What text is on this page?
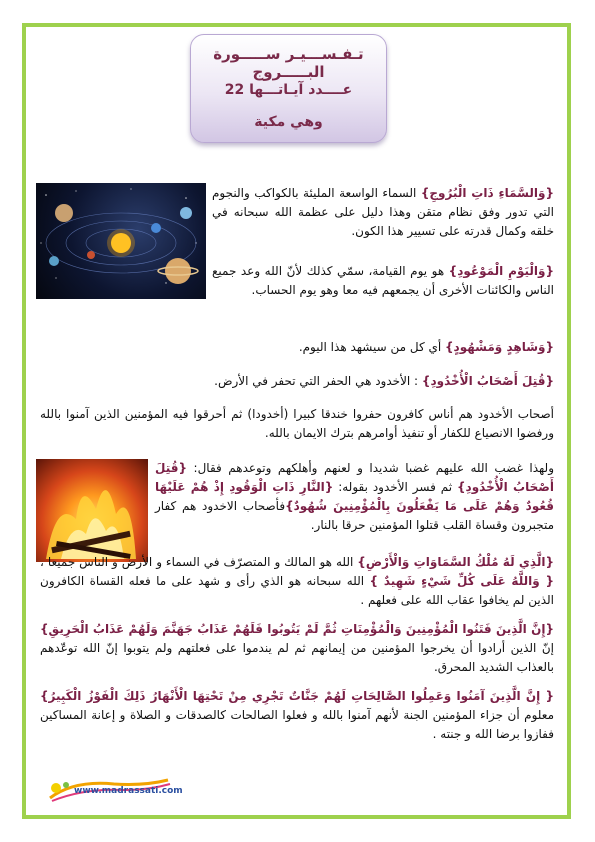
تـفـســـيـر ســـــورة البـــــروج
عــــدد آيـاتـــها 22
وهي مكية
{وَالسَّمَاءِ ذَاتِ الْبُرُوجِ} السماء الواسعة المليئة بالكواكب والنجوم التي تدور وفق نظام متقن وهذا دليل على عظمة الله سبحانه في خلقه وكمال قدرته على تسيير هذا الكون.
{وَالْيَوْمِ الْمَوْعُودِ} هو يوم القيامة، سمّي كذلك لأنّ الله وعد جميع الناس والكائنات الأخرى أن يجمعهم فيه معا وهو يوم الحساب.
{وَشَاهِدٍ وَمَشْهُودٍ} أي كل من سيشهد هذا اليوم.
{قُتِلَ أَصْحَابُ الْأُخْدُودِ} : الأخدود هي الحفر التي تحفر في الأرض.
أصحاب الأخدود هم أناس كافرون حفروا خندقا كبيرا (أخدودا) ثم أحرقوا فيه المؤمنين الذين آمنوا بالله ورفضوا الانصياع للكفار أو تنفيذ أوامرهم بترك الايمان بالله.
ولهذا غضب الله عليهم غضبا شديدا و لعنهم وأهلكهم وتوعدهم فقال: {قُتِلَ أَصْحَابُ الْأُخْدُودِ} ثم فسر الأخدود بقوله: {النَّارِ ذَاتِ الْوَقُودِ إِذْ هُمْ عَلَيْهَا قُعُودٌ وَهُمْ عَلَى مَا يَفْعَلُونَ بِالْمُؤْمِنِينَ شُهُودٌ}فأصحاب الاخدود هم كفار متجبرون وقساة القلب قتلوا المؤمنين حرقا بالنار.
{الَّذِي لَهُ مُلْكُ السَّمَاوَاتِ وَالْأَرْضِ} الله هو المالك و المتصرّف في السماء و الأرض و الناس جميعا ، { وَاللَّهُ عَلَى كُلِّ شَيْءٍ شَهِيدٌ } الله سبحانه هو الذي رأى و شهد على ما فعله القساة الكافرون الذين لم يخافوا عقاب الله على فعلهم .
{إِنَّ الَّذِينَ فَتَنُوا الْمُؤْمِنِينَ وَالْمُؤْمِنَاتِ ثُمَّ لَمْ يَتُوبُوا فَلَهُمْ عَذَابُ جَهَنَّمَ وَلَهُمْ عَذَابُ الْحَرِيقِ} إنّ الذين أرادوا أن يخرجوا المؤمنين من إيمانهم ثم لم يندموا على فعلتهم ولم يتوبوا إنّ الله توعّدهم بالعذاب الشديد المحرق.
{ إِنَّ الَّذِينَ آمَنُوا وَعَمِلُوا الصَّالِحَاتِ لَهُمْ جَنَّاتٌ تَجْرِي مِنْ تَحْتِهَا الْأَنْهَارُ ذَلِكَ الْفَوْزُ الْكَبِيرُ} معلوم أن جزاء المؤمنين الجنة لأنهم آمنوا بالله و فعلوا الصالحات كالصدقات و الصلاة و إعانة المساكين ففازوا برضا الله و جنته .
www.madrassati.com
